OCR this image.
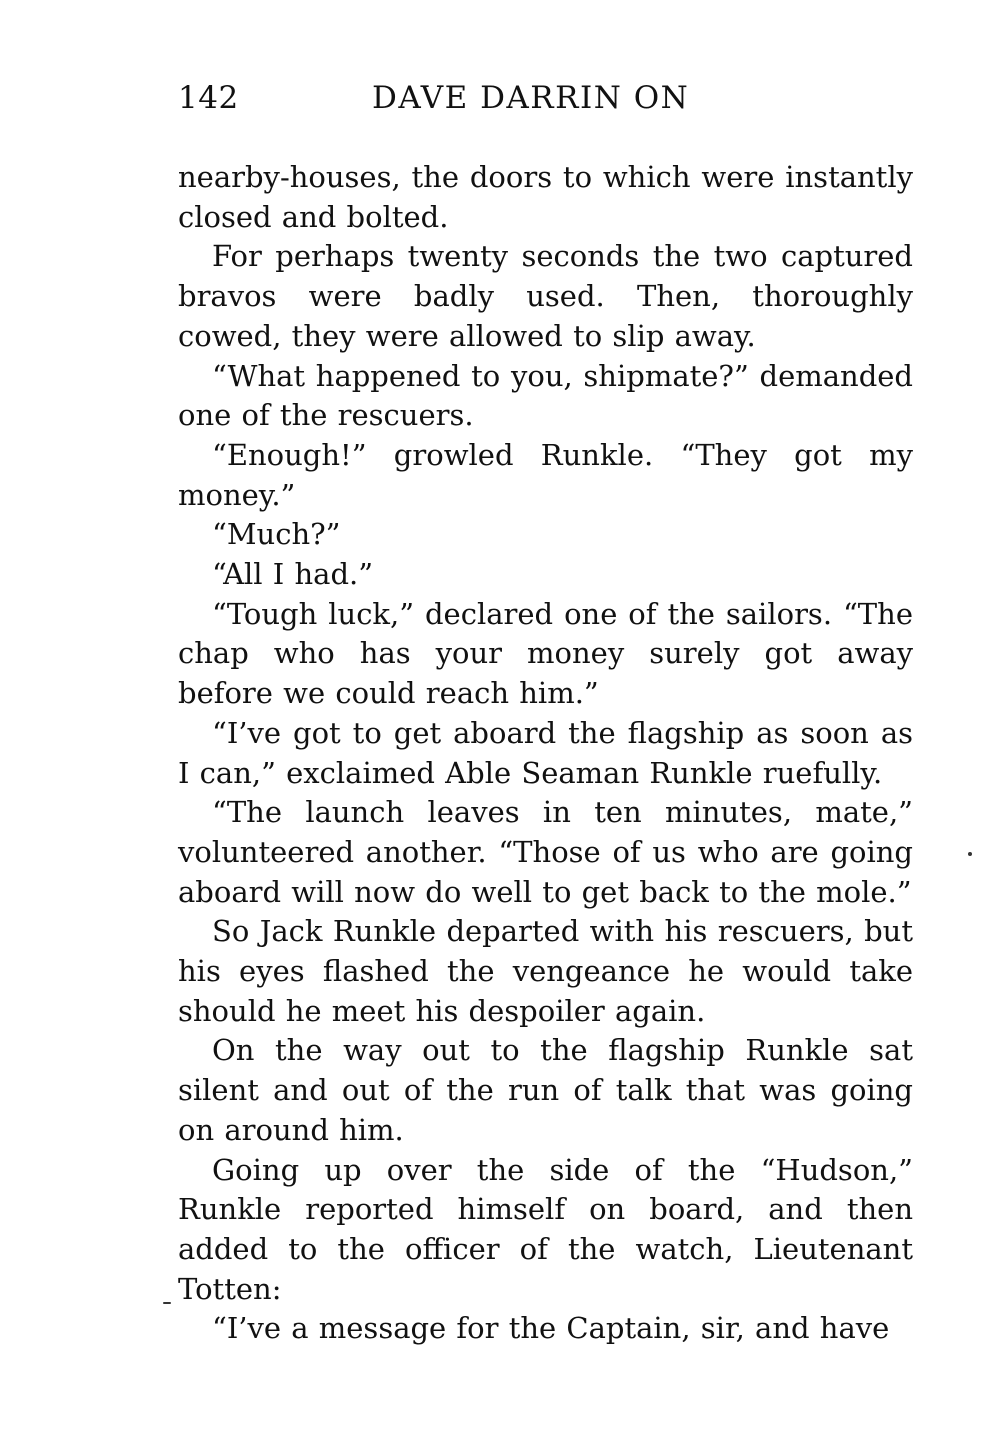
142	DAVE DARRIN ON

nearby-houses, the doors to which were instantly closed and bolted.

For perhaps twenty seconds the two captured bravos were badly used. Then, thoroughly cowed, they were allowed to slip away.

“What happened to you, shipmate?” demanded one of the rescuers.

“Enough!” growled Runkle. “They got my money.”

“Much?”

“All I had.”

“Tough luck,” declared one of the sailors. “The chap who has your money surely got away before we could reach him.”

“I’ve got to get aboard the flagship as soon as I can,” exclaimed Able Seaman Runkle ruefully.

“The launch leaves in ten minutes, mate,” volunteered another. “Those of us who are going aboard will now do well to get back to the mole.”

So Jack Runkle departed with his rescuers, but his eyes flashed the vengeance he would take should he meet his despoiler again.

On the way out to the flagship Runkle sat silent and out of the run of talk that was going on around him.

Going up over the side of the “Hudson,” Runkle reported himself on board, and then added to the officer of the watch, Lieutenant Totten:

“I’ve a message for the Captain, sir, and have
